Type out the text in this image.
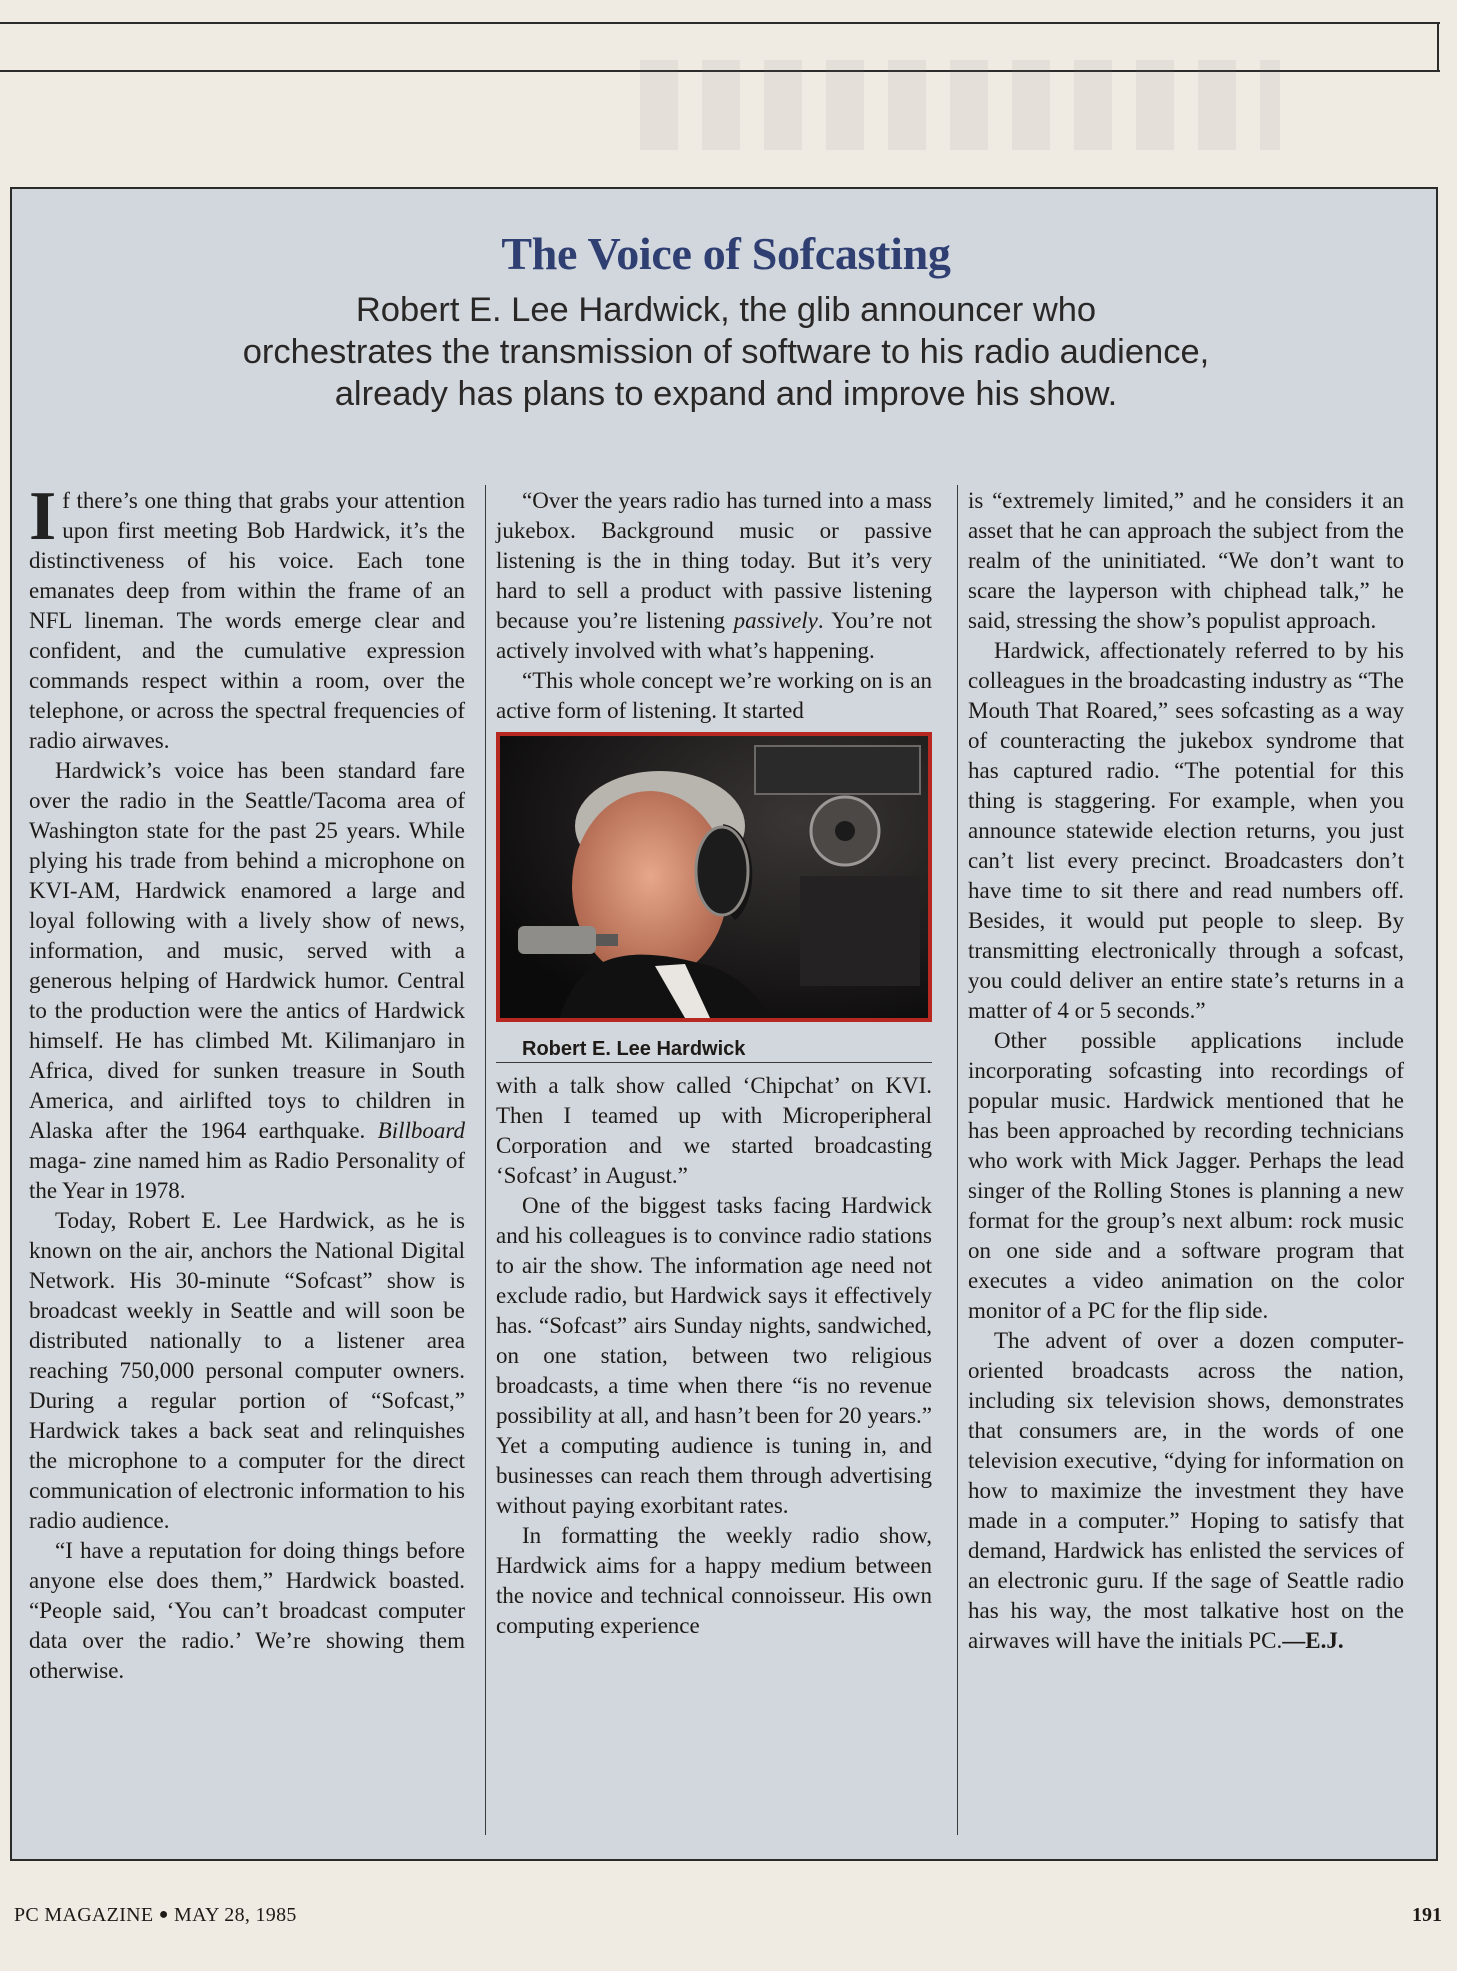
The Voice of Sofcasting
Robert E. Lee Hardwick, the glib announcer who
orchestrates the transmission of software to his radio audience,
already has plans to expand and improve his show.

If there’s one thing that grabs your attention upon first meeting Bob Hardwick, it’s the distinctiveness of his voice. Each tone emanates deep from within the frame of an NFL lineman. The words emerge clear and confident, and the cumulative expression commands respect within a room, over the telephone, or across the spectral frequencies of radio airwaves.

Hardwick’s voice has been standard fare over the radio in the Seattle/Tacoma area of Washington state for the past 25 years. While plying his trade from behind a microphone on KVI-AM, Hardwick enamored a large and loyal following with a lively show of news, information, and music, served with a generous helping of Hardwick humor. Central to the production were the antics of Hardwick himself. He has climbed Mt. Kilimanjaro in Africa, dived for sunken treasure in South America, and airlifted toys to children in Alaska after the 1964 earthquake. Billboard maga- zine named him as Radio Personality of the Year in 1978.

Today, Robert E. Lee Hardwick, as he is known on the air, anchors the National Digital Network. His 30-minute “Sofcast” show is broadcast weekly in Seattle and will soon be distributed nationally to a listener area reaching 750,000 personal computer owners. During a regular portion of “Sofcast,” Hardwick takes a back seat and relinquishes the microphone to a computer for the direct communication of electronic information to his radio audience.

“I have a reputation for doing things before anyone else does them,” Hardwick boasted. “People said, ‘You can’t broadcast computer data over the radio.’ We’re showing them otherwise.

“Over the years radio has turned into a mass jukebox. Background music or passive listening is the in thing today. But it’s very hard to sell a product with passive listening because you’re listening passively. You’re not actively involved with what’s happening.

“This whole concept we’re working on is an active form of listening. It started

Robert E. Lee Hardwick

with a talk show called ‘Chipchat’ on KVI. Then I teamed up with Microperipheral Corporation and we started broadcasting ‘Sofcast’ in August.”

One of the biggest tasks facing Hardwick and his colleagues is to convince radio stations to air the show. The information age need not exclude radio, but Hardwick says it effectively has. “Sofcast” airs Sunday nights, sandwiched, on one station, between two religious broadcasts, a time when there “is no revenue possibility at all, and hasn’t been for 20 years.” Yet a computing audience is tuning in, and businesses can reach them through advertising without paying exorbitant rates.

In formatting the weekly radio show, Hardwick aims for a happy medium between the novice and technical connoisseur. His own computing experience

is “extremely limited,” and he considers it an asset that he can approach the subject from the realm of the uninitiated. “We don’t want to scare the layperson with chiphead talk,” he said, stressing the show’s populist approach.

Hardwick, affectionately referred to by his colleagues in the broadcasting industry as “The Mouth That Roared,” sees sofcasting as a way of counteracting the jukebox syndrome that has captured radio. “The potential for this thing is staggering. For example, when you announce statewide election returns, you just can’t list every precinct. Broadcasters don’t have time to sit there and read numbers off. Besides, it would put people to sleep. By transmitting electronically through a sofcast, you could deliver an entire state’s returns in a matter of 4 or 5 seconds.”

Other possible applications include incorporating sofcasting into recordings of popular music. Hardwick mentioned that he has been approached by recording technicians who work with Mick Jagger. Perhaps the lead singer of the Rolling Stones is planning a new format for the group’s next album: rock music on one side and a software program that executes a video animation on the color monitor of a PC for the flip side.

The advent of over a dozen computer-oriented broadcasts across the nation, including six television shows, demonstrates that consumers are, in the words of one television executive, “dying for information on how to maximize the investment they have made in a computer.” Hoping to satisfy that demand, Hardwick has enlisted the services of an electronic guru. If the sage of Seattle radio has his way, the most talkative host on the airwaves will have the initials PC.—E.J.

PC MAGAZINE ● MAY 28, 1985	191
